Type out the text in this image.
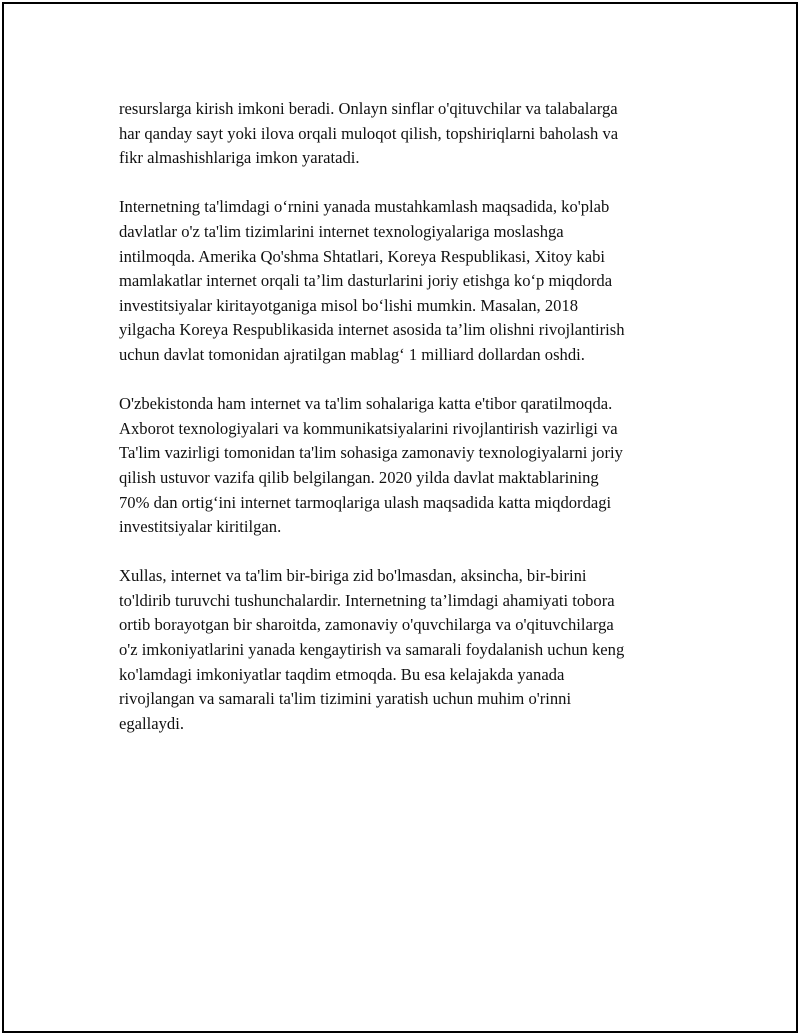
resurslarga kirish imkoni beradi. Onlayn sinflar o'qituvchilar va talabalarga
har qanday sayt yoki ilova orqali muloqot qilish, topshiriqlarni baholash va
fikr almashishlariga imkon yaratadi.

Internetning ta'limdagi o‘rnini yanada mustahkamlash maqsadida, ko'plab
davlatlar o'z ta'lim tizimlarini internet texnologiyalariga moslashga
intilmoqda. Amerika Qo'shma Shtatlari, Koreya Respublikasi, Xitoy kabi
mamlakatlar internet orqali ta’lim dasturlarini joriy etishga ko‘p miqdorda
investitsiyalar kiritayotganiga misol bo‘lishi mumkin. Masalan, 2018
yilgacha Koreya Respublikasida internet asosida ta’lim olishni rivojlantirish
uchun davlat tomonidan ajratilgan mablag‘ 1 milliard dollardan oshdi.

O'zbekistonda ham internet va ta'lim sohalariga katta e'tibor qaratilmoqda.
Axborot texnologiyalari va kommunikatsiyalarini rivojlantirish vazirligi va
Ta'lim vazirligi tomonidan ta'lim sohasiga zamonaviy texnologiyalarni joriy
qilish ustuvor vazifa qilib belgilangan. 2020 yilda davlat maktablarining
70% dan ortig‘ini internet tarmoqlariga ulash maqsadida katta miqdordagi
investitsiyalar kiritilgan.

Xullas, internet va ta'lim bir-biriga zid bo'lmasdan, aksincha, bir-birini
to'ldirib turuvchi tushunchalardir. Internetning ta’limdagi ahamiyati tobora
ortib borayotgan bir sharoitda, zamonaviy o'quvchilarga va o'qituvchilarga
o'z imkoniyatlarini yanada kengaytirish va samarali foydalanish uchun keng
ko'lamdagi imkoniyatlar taqdim etmoqda. Bu esa kelajakda yanada
rivojlangan va samarali ta'lim tizimini yaratish uchun muhim o'rinni
egallaydi.
